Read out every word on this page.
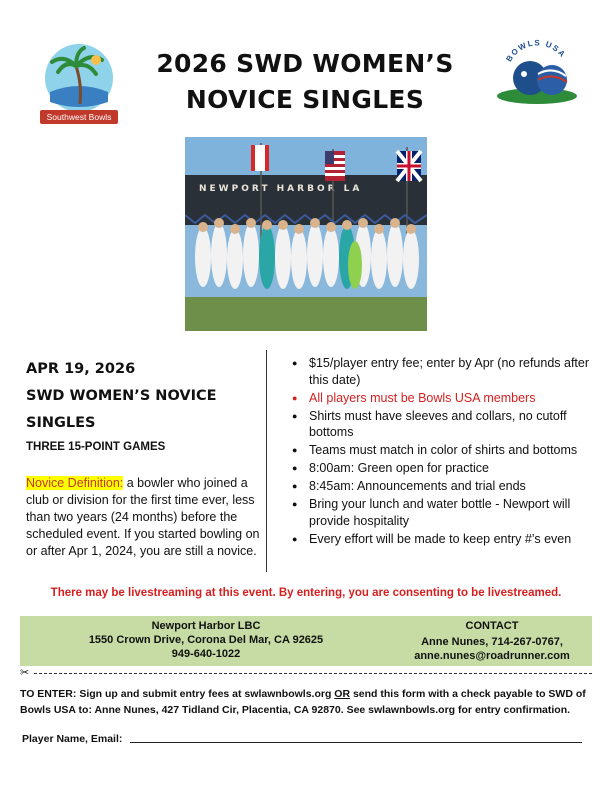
Southwest Bowls
BOWLS USA
2026 SWD WOMEN’S
NOVICE SINGLES
NEWPORT HARBOR LA
APR 19, 2026
SWD WOMEN’S NOVICE
SINGLES
THREE 15-POINT GAMES
Novice Definition: a bowler who joined a club or division for the first time ever, less than two years (24 months) before the scheduled event. If you started bowling on or after Apr 1, 2024, you are still a novice.
● $15/player entry fee; enter by Apr (no refunds after this date)
● All players must be Bowls USA members
● Shirts must have sleeves and collars, no cutoff bottoms
● Teams must match in color of shirts and bottoms
● 8:00am: Green open for practice
● 8:45am: Announcements and trial ends
● Bring your lunch and water bottle - Newport will provide hospitality
● Every effort will be made to keep entry #’s even
There may be livestreaming at this event. By entering, you are consenting to be livestreamed.
Newport Harbor LBC
1550 Crown Drive, Corona Del Mar, CA 92625
949-640-1022
CONTACT
Anne Nunes, 714-267-0767,
anne.nunes@roadrunner.com
✂
TO ENTER: Sign up and submit entry fees at swlawnbowls.org OR send this form with a check payable to SWD of Bowls USA to: Anne Nunes, 427 Tidland Cir, Placentia, CA 92870. See swlawnbowls.org for entry confirmation.
Player Name, Email:
